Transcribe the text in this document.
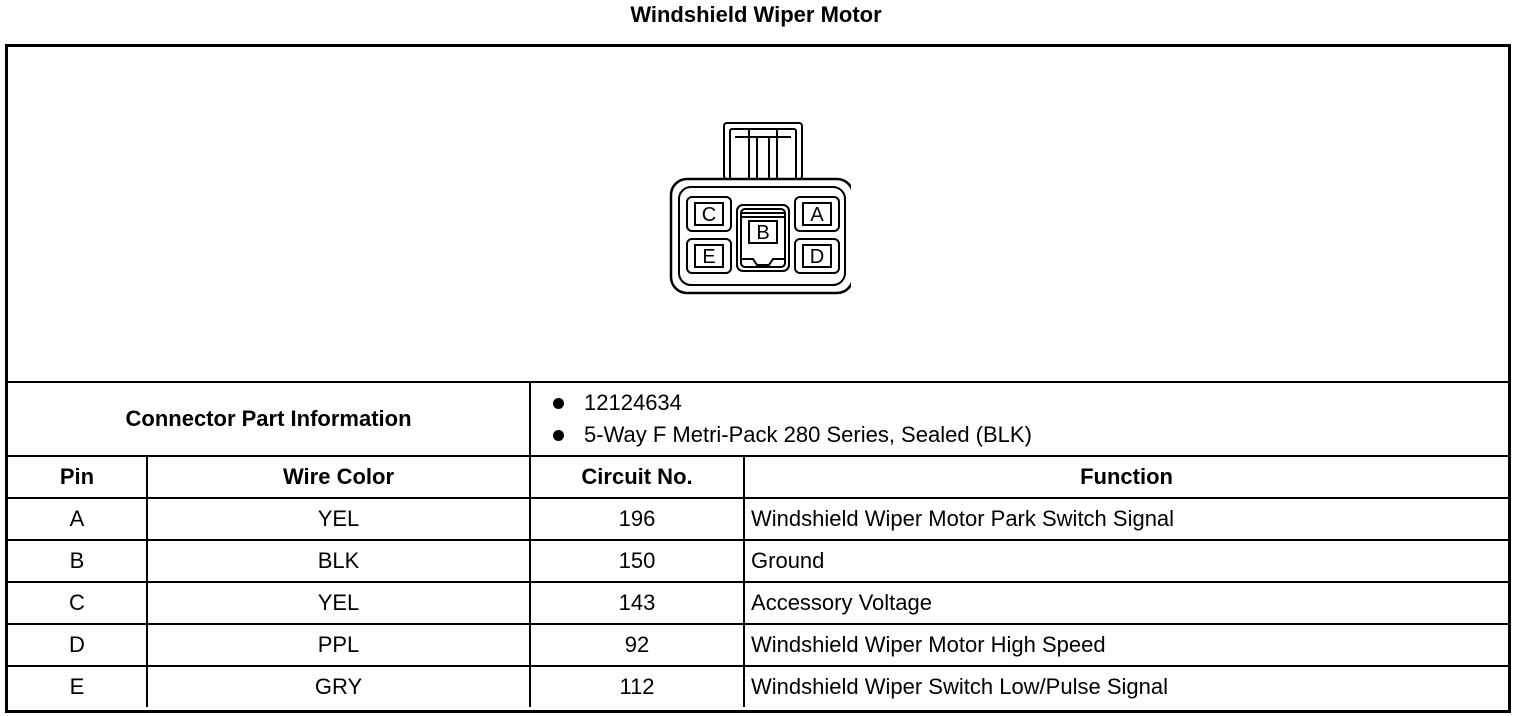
Windshield Wiper Motor
C
E
A
D
B
Connector Part Information		12124634
5-Way F Metri-Pack 280 Series, Sealed (BLK)	

Pin	Wire Color	Circuit No.	Function
A	YEL	196	Windshield Wiper Motor Park Switch Signal
B	BLK	150	Ground
C	YEL	143	Accessory Voltage
D	PPL	92	Windshield Wiper Motor High Speed
E	GRY	112	Windshield Wiper Switch Low/Pulse Signal
